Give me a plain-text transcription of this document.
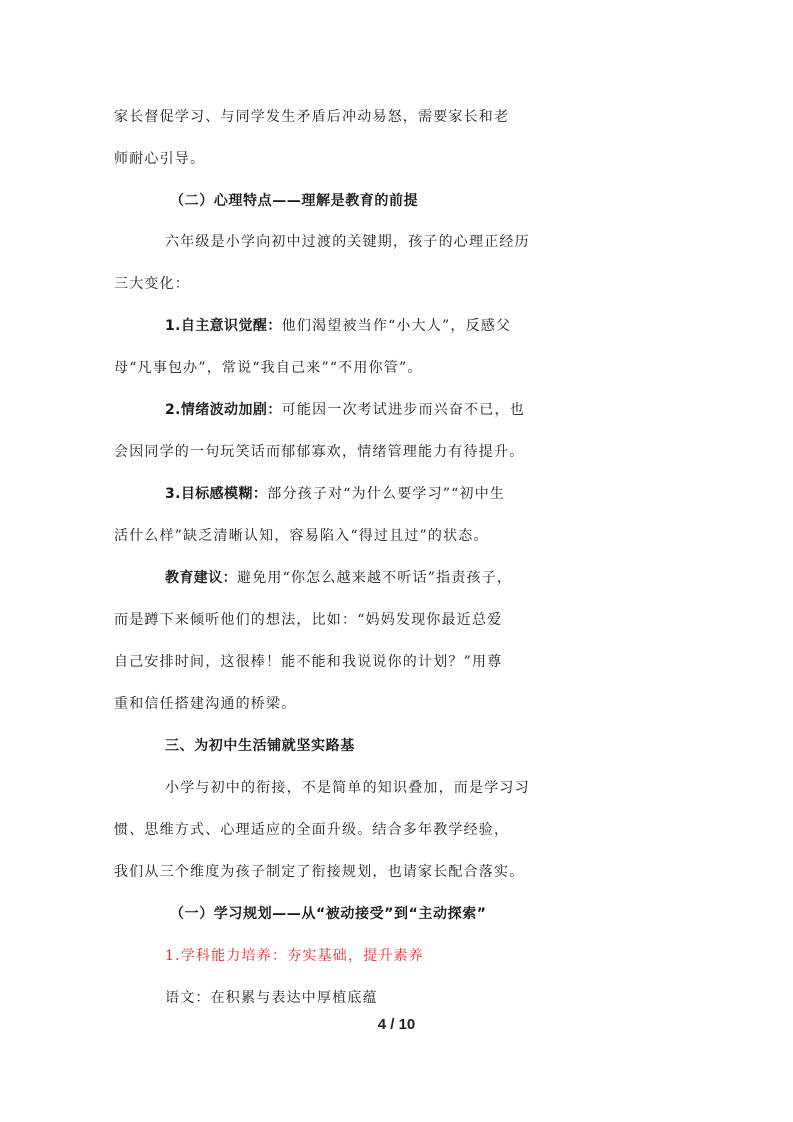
家长督促学习、与同学发生矛盾后冲动易怒，需要家长和老
师耐心引导。
（二）心理特点——理解是教育的前提
六年级是小学向初中过渡的关键期，孩子的心理正经历
三大变化：
1.自主意识觉醒：他们渴望被当作“小大人”，反感父
母“凡事包办”，常说“我自己来”“不用你管”。
2.情绪波动加剧：可能因一次考试进步而兴奋不已，也
会因同学的一句玩笑话而郁郁寡欢，情绪管理能力有待提升。
3.目标感模糊：部分孩子对“为什么要学习”“初中生
活什么样”缺乏清晰认知，容易陷入“得过且过”的状态。
教育建议：避免用“你怎么越来越不听话”指责孩子，
而是蹲下来倾听他们的想法，比如：“妈妈发现你最近总爱
自己安排时间，这很棒！能不能和我说说你的计划？”用尊
重和信任搭建沟通的桥梁。
三、为初中生活铺就坚实路基
小学与初中的衔接，不是简单的知识叠加，而是学习习
惯、思维方式、心理适应的全面升级。结合多年教学经验，
我们从三个维度为孩子制定了衔接规划，也请家长配合落实。
（一）学习规划——从“被动接受”到“主动探索”
1.学科能力培养：夯实基础，提升素养
语文：在积累与表达中厚植底蕴
4 / 10
